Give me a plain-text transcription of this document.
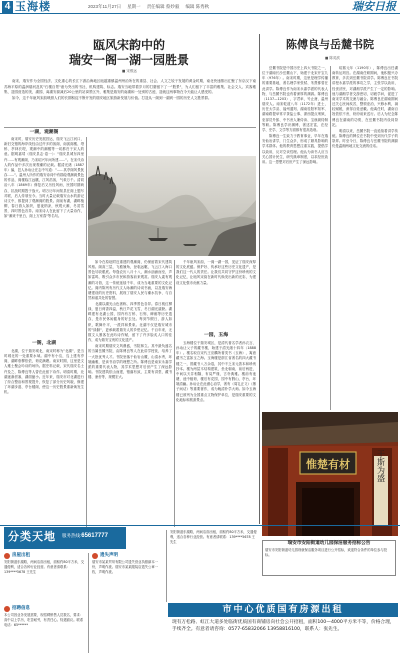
4 玉海楼	2023年11月27日 星期一 责任编辑 蔡妙毅 编辑 陈秀秋	瑞安日报
瓯风宋韵中的
瑞安一阁一湖一园胜景
■ 宋维远

南宋，瑞安作为全国经济、文化重心的长江下游沿海地区瓯越重镇温州州治所在的重县、社会、人文之较于发展的黄金时期，南北快速推出汇聚了东京汉下南苏海平原的温润瑞河及其"石楼百景"诸为突出的书社、机构建筑、标志。瑞安当地带着岁月的打磨留下了一"胜景"，为人们留下了丰富的雅集、社会文人、宾客雅集、造园营造的美，湖园、离湖安源减后20公里的站岗景区外，雅集是瑞安的南湖和一处别的古迹，造就这两事物在今天能让人感受的。

如今，这千年瓯风宋韵映照人们的长期积淀不断开发的瑞安地区旅游新发展与价值。打造从一阁到一湖到一园的历史人文胜景群。

一湖，观潮阁

南宋时，瑞安历史发展昌运，瑞安飞云江河口，新旧交错的海岸线经由过许多的荡阁，南滨阁楼、塔桥、亭林长堤，观潮中的潮楼等一切都归于宋人的意。据明嘉靖《瑞安县志·卷一》："瑞安县城东四里许……有观潮阁，乃宋绍兴年间所建……"。在宋代诗人的作品中多次出现观潮的记载。据清光绪（1887年）编，邑人孙诒让在志中写道："……其亭阁风景犹存……"。温州人所作的瑞安诗词中有描绘观潮阁景色的作品，阁楼临江远眺，江风浩荡，气象万千。清同治八年（1869年）修复后又历经风雨，民国时期尚存，抗战时期毁于战火。明万历年间知县在阁上题写对联，后人传颂至今。当时大量记载瑞安山水的游记诗文中，都提到了观潮阁的胜景。阁前有湖，湖畔植柳，春日游人如织，夏夜纳凉，秋观大潮，冬赏雪景，四时景色各异。南宋诗人在此留下了大量诗作，如"潮来千里白，阁上万家春"等名句。

如今在原址附近重建的观潮阁，仍保留着宋代建筑风格。阁高三层，飞檐翘角，登临远眺，飞云江入海口景色尽收眼底。每逢农历八月十八，潮水汹涌而至，声如雷鸣，吸引众多市民和游客前来观赏。瑞安人素有观潮的习俗，这一传统延续千年，成为当地重要的文化记忆。阁内陈列有历代文人咏潮的诗词书画，以及瑞安海塘建设的历史资料，展现了瑞安人民与潮水抗争、与自然和谐共处的智慧。

一阁，北湖

北湖，位于瑞安城北，南宋时称为"北湖"，是当时城北的一处重要水域。湖中有小岛，岛上建有亭阁，湖畔垂柳依依，荷花满塘。南宋时期，这里是文人雅士聚会吟诗的场所。据史料记载，宋代瑞安名士许及之、陈傅良等人曾在此留下诗作。明清时期，北湖逐渐淤塞，湖面缩小。近年来，瑞安市对北湖进行了综合整治和景观提升，恢复了部分历史风貌，修建了环湖步道、亭台楼阁，使这一历史胜景重新焕发生机。

北湖以湖光山色著称，四季景色各异。春日桃红柳绿，夏日荷香四溢，秋日芦花飞雪，冬日湖光潋滟。湖畔建有北湖公园，园内有古桥、石刻、碑廊等历史遗存，是市民休闲健身的好去处。每到节假日，游人如织，歌舞升平，一派祥和景象。北湖不仅是瑞安城市的"绿肺"，更承载着瑞安人的乡愁记忆。千百年来，无数文人墨客在此吟诗作赋，留下了许多脍炙人口的佳作，成为瑞安宝贵的文化遗产。

南宋时期瑞安文风鼎盛，书院林立。其中最负盛名的当属岳麓书院，由陈傅良等人在此讲学授徒，培养了一大批优秀人才。书院坐落于仙岩山麓，山清水秀，环境幽雅，是读书治学的理想之所。陈傅良是南宋永嘉学派的重要代表人物，其学术思想对后世产生了深远影响。书院建筑依山而建，错落有致，主要有讲堂、藏书楼、斋舍等，规模宏大。

千年瓯风宋韵，一阁一湖一园，见证了瑞安深厚的文化底蕴。保护好、传承好这些历史文化遗产，是我们这一代人的责任。让我们共同守护这份珍贵的文化记忆，让瓯风宋韵在新时代焕发出新的光彩，为建设文化强市贡献力量。

一园，玉海

玉海楼位于瑞安城区，是清代著名学者孙衣言、孙诒让父子的藏书楼，始建于清光绪十四年（1888年）。楼名取自宋代王应麟所著类书《玉海》，寓意藏书之富如玉之海。玉海楼是浙江省著名的四大藏书楼之一，曾藏书八万余卷，其中不乏宋元善本和珍贵抄本。楼为两层木结构建筑，坐北朝南，前后两进，中间以天井相隔，布局严谨，古朴典雅。楼前有池塘，池中植荷，楼后有花园，园中有假山、亭台，环境清幽。孙诒让在此潜心治学，著有《周礼正义》《墨子间诂》等重要著作，成为晚清朴学大师。如今玉海楼已被列为全国重点文物保护单位，是瑞安重要的文化地标和旅游景点。

陈傅良与岳麓书院
■ 陈英滨

岳麓书院是中国历史上四大书院之一，位于湖南长沙岳麓山下，始建于北宋开宝九年（976年）。南宋时期，这里是理学传播的重要基地，著名理学家张栻、朱熹都曾在此讲学。陈傅良作为南宋永嘉学派的代表人物，与岳麓书院也有着深厚的渊源。陈傅良（1137—1203），字君举，号止斋，温州瑞安人。南宋乾道八年（1172年）进士，历任太学录、福州通判、湖南桂阳军知军、湖南路提举常平茶盐公事、浙西提点刑狱、吏部员外郎、中书舍人兼侍读、宝谟阁待制等职。陈傅良学识渊博，著述宏富，在经学、史学、文学等方面都有很高造诣。

陈傅良一生致力于教育事业，早年在瑞安仙岩讲学，门生众多，形成了颇具影响的学术群体。他的教育思想注重实践，提倡学以致用，反对空谈性理。他认为读书人应当关心国计民生，研究典章制度，以求经世致用。这一思想对后世产生了深远影响。

绍熙元年（1190年），陈傅良出任湖南转运判官。在湖南任职期间，他积极兴办教育，多次到岳麓书院讲学。陈傅良在书院讲授永嘉学派的事功之学，主张学以致用，经世济民，对湖湘学派产生了一定的影响。他与湖湘学者交游密切，切磋学问，促进了南宋学术的交流与融合。陈傅良在湖南期间还关心民间疾苦，整顿吏治，兴修水利，减轻赋税，深得百姓爱戴。他离任时，湖南百姓依依不舍，纷纷前来送行。后人为纪念陈傅良在湖南的功绩，在岳麓书院内设祠祭祀。

明清以来，岳麓书院一直延续着讲学传统。陈傅良的牌位在书院中受到历代学子的祭拜。时至今日，陈傅良与岳麓书院的渊源仍是温湘两地文化交流的佳话。

惟楚有材	于斯为盛
分类天地 服务热线:65617777
房屋出租
安阳街道东湖路，两间店面出租，面积约80平方米，交通便利，适合各种行业经营。有意者请联系：139****5678 王先生
招聘信息
本公司因业务发展需要，现招聘销售人员数名，要求：高中以上学历，吃苦耐劳，有责任心。待遇面议。联系电话：65******
遗失声明
瑞安市某某贸易有限公司遗失营业执照副本一份，声明作废。瑞安市某某服装店遗失公章一枚，声明作废。
安阳街道东湖路，两间店面出租，面积约80平方米，交通便利，适合各种行业经营。有意者请联系：139****5678 王先生	瑞安市安阳街道幼儿园保洁服务招标公告
瑞安市安阳街道幼儿园现就保洁服务项目进行公开招标，欢迎符合条件的单位参与投标。
市中心优质国有房源出租
现有万松路、虹江大道多处临街优质国有商铺房向社会公开招租，面积100—4000平方米不等，价格合理，手续齐全。有意者请咨询：0577-65832066 13958816100，联系人：张先生。
